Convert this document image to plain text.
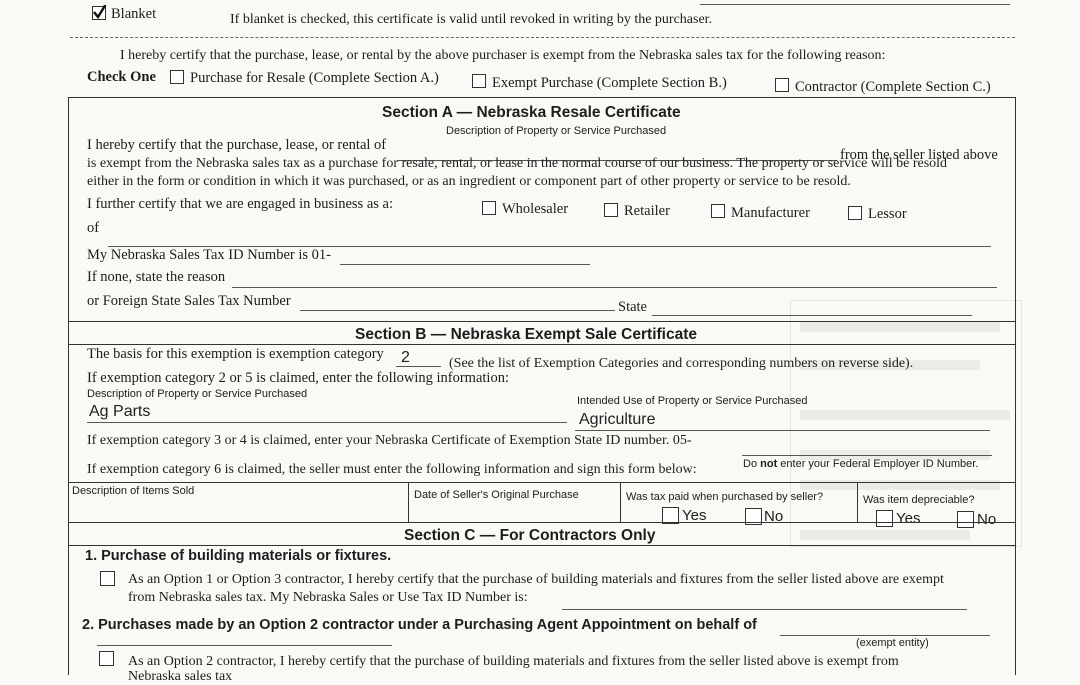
Blanket	If blanket is checked, this certificate is valid until revoked in writing by the purchaser.
I hereby certify that the purchase, lease, or rental by the above purchaser is exempt from the Nebraska sales tax for the following reason:
Check One Purchase for Resale (Complete Section A.)	Exempt Purchase (Complete Section B.)	Contractor (Complete Section C.)
Section A — Nebraska Resale Certificate
Description of Property or Service Purchased
I hereby certify that the purchase, lease, or rental of
from the seller listed above
is exempt from the Nebraska sales tax as a purchase for resale, rental, or lease in the normal course of our business. The property or service will be resold
either in the form or condition in which it was purchased, or as an ingredient or component part of other property or service to be resold.
I further certify that we are engaged in business as a:	Wholesaler	Retailer	Manufacturer	Lessor
of
My Nebraska Sales Tax ID Number is 01-
If none, state the reason
or Foreign State Sales Tax Number	State
Section B — Nebraska Exempt Sale Certificate
The basis for this exemption is exemption category 2	(See the list of Exemption Categories and corresponding numbers on reverse side).
If exemption category 2 or 5 is claimed, enter the following information:
Description of Property or Service Purchased
Intended Use of Property or Service Purchased
Ag Parts	Agriculture
If exemption category 3 or 4 is claimed, enter your Nebraska Certificate of Exemption State ID number. 05-
Do not enter your Federal Employer ID Number.
If exemption category 6 is claimed, the seller must enter the following information and sign this form below:
Description of Items Sold	Date of Seller's Original Purchase	Was tax paid when purchased by seller?	Was item depreciable?
Yes	No	Yes	No
Section C — For Contractors Only
1. Purchase of building materials or fixtures.
As an Option 1 or Option 3 contractor, I hereby certify that the purchase of building materials and fixtures from the seller listed above are exempt
from Nebraska sales tax. My Nebraska Sales or Use Tax ID Number is:
2. Purchases made by an Option 2 contractor under a Purchasing Agent Appointment on behalf of
(exempt entity)
As an Option 2 contractor, I hereby certify that the purchase of building materials and fixtures from the seller listed above is exempt from
Nebraska sales tax
